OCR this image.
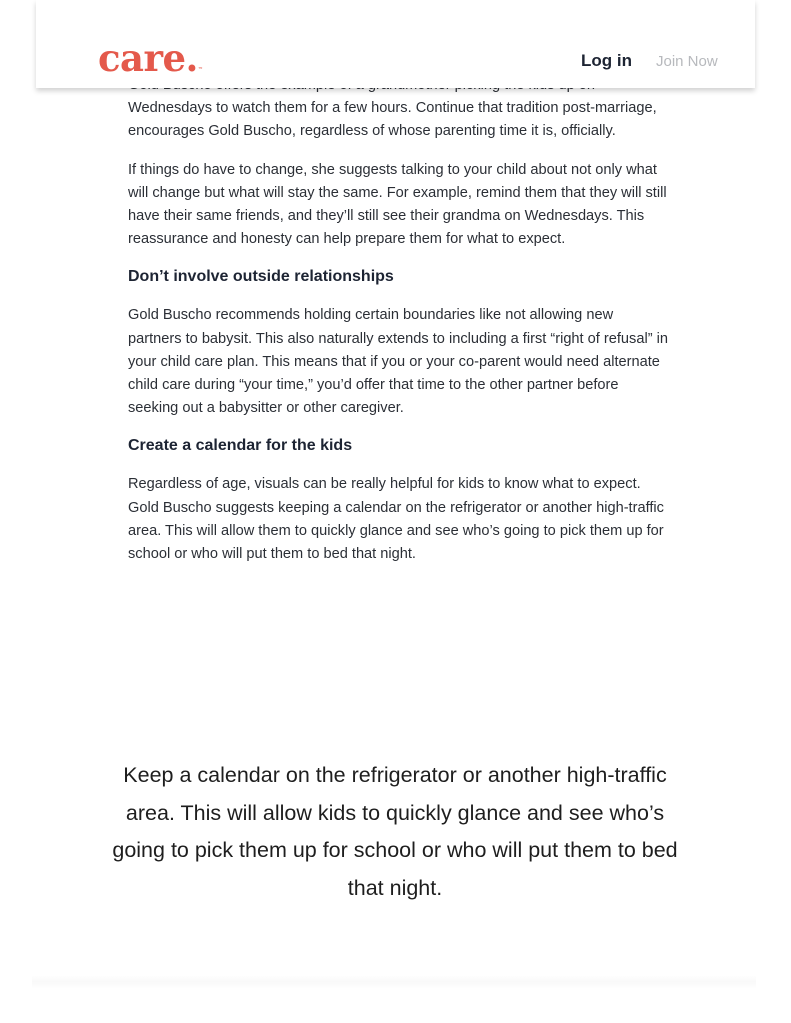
care.™	Log in Join Now

Wednesdays to watch them for a few hours. Continue that tradition post-marriage, encourages Gold Buscho, regardless of whose parenting time it is, officially.

If things do have to change, she suggests talking to your child about not only what will change but what will stay the same. For example, remind them that they will still have their same friends, and they’ll still see their grandma on Wednesdays. This reassurance and honesty can help prepare them for what to expect.

Don’t involve outside relationships

Gold Buscho recommends holding certain boundaries like not allowing new partners to babysit. This also naturally extends to including a first “right of refusal” in your child care plan. This means that if you or your co-parent would need alternate child care during “your time,” you’d offer that time to the other partner before seeking out a babysitter or other caregiver.

Create a calendar for the kids

Regardless of age, visuals can be really helpful for kids to know what to expect. Gold Buscho suggests keeping a calendar on the refrigerator or another high-traffic area. This will allow them to quickly glance and see who’s going to pick them up for school or who will put them to bed that night.

Keep a calendar on the refrigerator or another high-traffic area. This will allow kids to quickly glance and see who’s going to pick them up for school or who will put them to bed that night.
